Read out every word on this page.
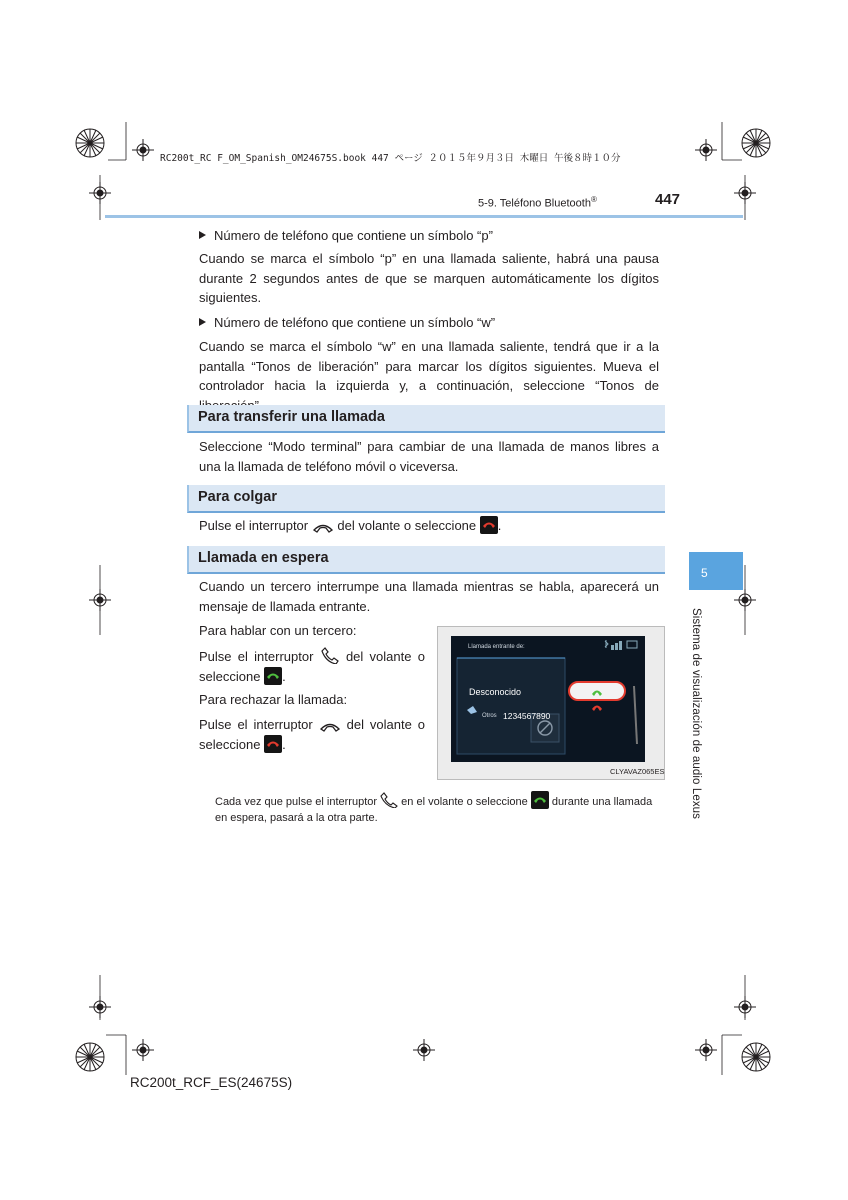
RC200t_RC F_OM_Spanish_OM24675S.book 447 ページ ２０１５年９月３日 木曜日 午後８時１０分
5-9. Teléfono Bluetooth®	447
Número de teléfono que contiene un símbolo “p”
Cuando se marca el símbolo “p” en una llamada saliente, habrá una pausa durante 2 segundos antes de que se marquen automáticamente los dígitos siguientes.
Número de teléfono que contiene un símbolo “w”
Cuando se marca el símbolo “w” en una llamada saliente, tendrá que ir a la pantalla “Tonos de liberación” para marcar los dígitos siguientes. Mueva el controlador hacia la izquierda y, a continuación, seleccione “Tonos de
Para transferir una llamada
Seleccione “Modo terminal” para cambiar de una llamada de manos libres a una la llamada de teléfono móvil o viceversa.
Para colgar
Pulse el interruptor del volante o seleccione .
Llamada en espera
Cuando un tercero interrumpe una llamada mientras se habla, aparecerá un mensaje de llamada entrante.
Para hablar con un tercero:
Pulse el interruptor	del volante o seleccione .
Para rechazar la llamada:
Pulse el interruptor	del volante o seleccione .
Llamada entrante de:
Desconocido
Otros 1234567890
CLYAVAZ065ES
Cada vez que pulse el interruptor en el volante o seleccione durante una llamada en espera, pasará a la otra parte.
5
Sistema de visualización de audio Lexus
RC200t_RCF_ES(24675S)
